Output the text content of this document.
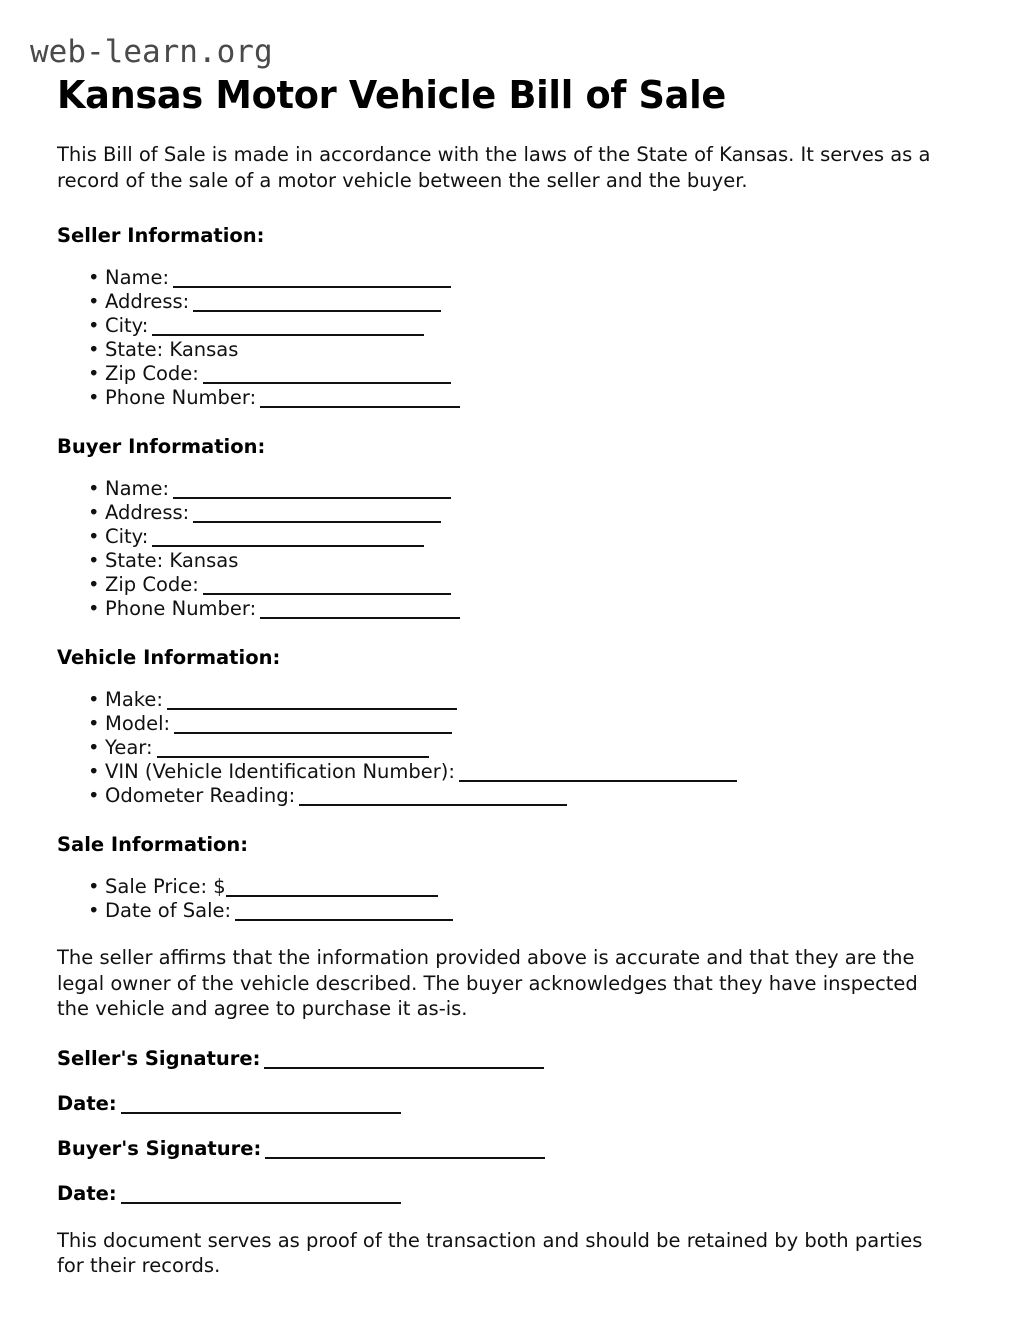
web-learn.org
Kansas Motor Vehicle Bill of Sale

This Bill of Sale is made in accordance with the laws of the State of Kansas. It serves as a record of the sale of a motor vehicle between the seller and the buyer.

Seller Information:
• Name:
• Address:
• City:
• State: Kansas
• Zip Code:
• Phone Number:
Buyer Information:
• Name:
• Address:
• City:
• State: Kansas
• Zip Code:
• Phone Number:
Vehicle Information:
• Make:
• Model:
• Year:
• VIN (Vehicle Identification Number):
• Odometer Reading:
Sale Information:
• Sale Price: $
• Date of Sale:

The seller affirms that the information provided above is accurate and that they are the legal owner of the vehicle described. The buyer acknowledges that they have inspected the vehicle and agree to purchase it as-is.

Seller's Signature:
Date:
Buyer's Signature:
Date:

This document serves as proof of the transaction and should be retained by both parties for their records.
